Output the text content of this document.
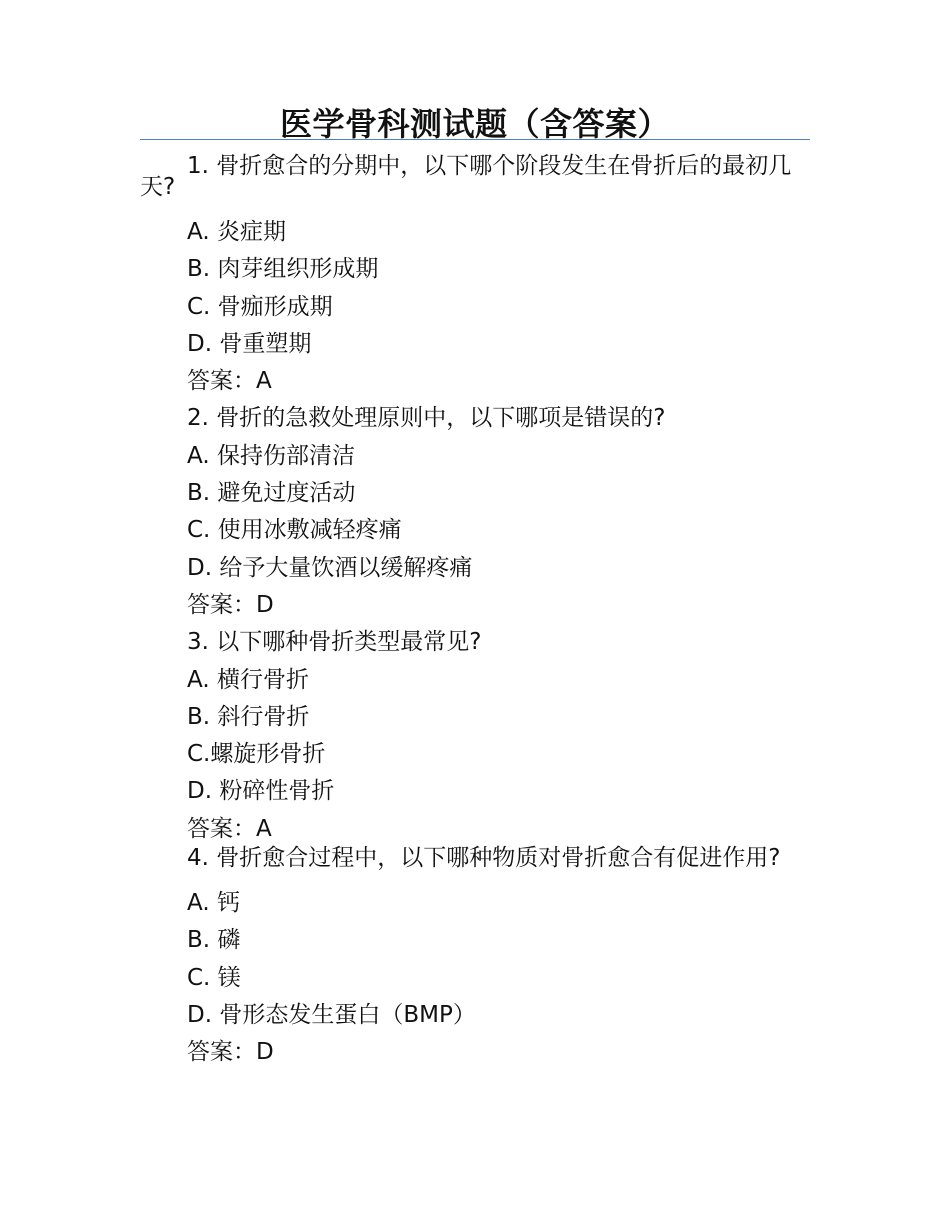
医学骨科测试题（含答案）

1. 骨折愈合的分期中，以下哪个阶段发生在骨折后的最初几天?

A. 炎症期
B. 肉芽组织形成期
C. 骨痂形成期
D. 骨重塑期
答案：A
2. 骨折的急救处理原则中，以下哪项是错误的?
A. 保持伤部清洁
B. 避免过度活动
C. 使用冰敷减轻疼痛
D. 给予大量饮酒以缓解疼痛
答案：D
3. 以下哪种骨折类型最常见?
A. 横行骨折
B. 斜行骨折
C.螺旋形骨折
D. 粉碎性骨折
答案：A

4. 骨折愈合过程中，以下哪种物质对骨折愈合有促进作用?

A. 钙
B. 磷
C. 镁
D. 骨形态发生蛋白（BMP）
答案：D
